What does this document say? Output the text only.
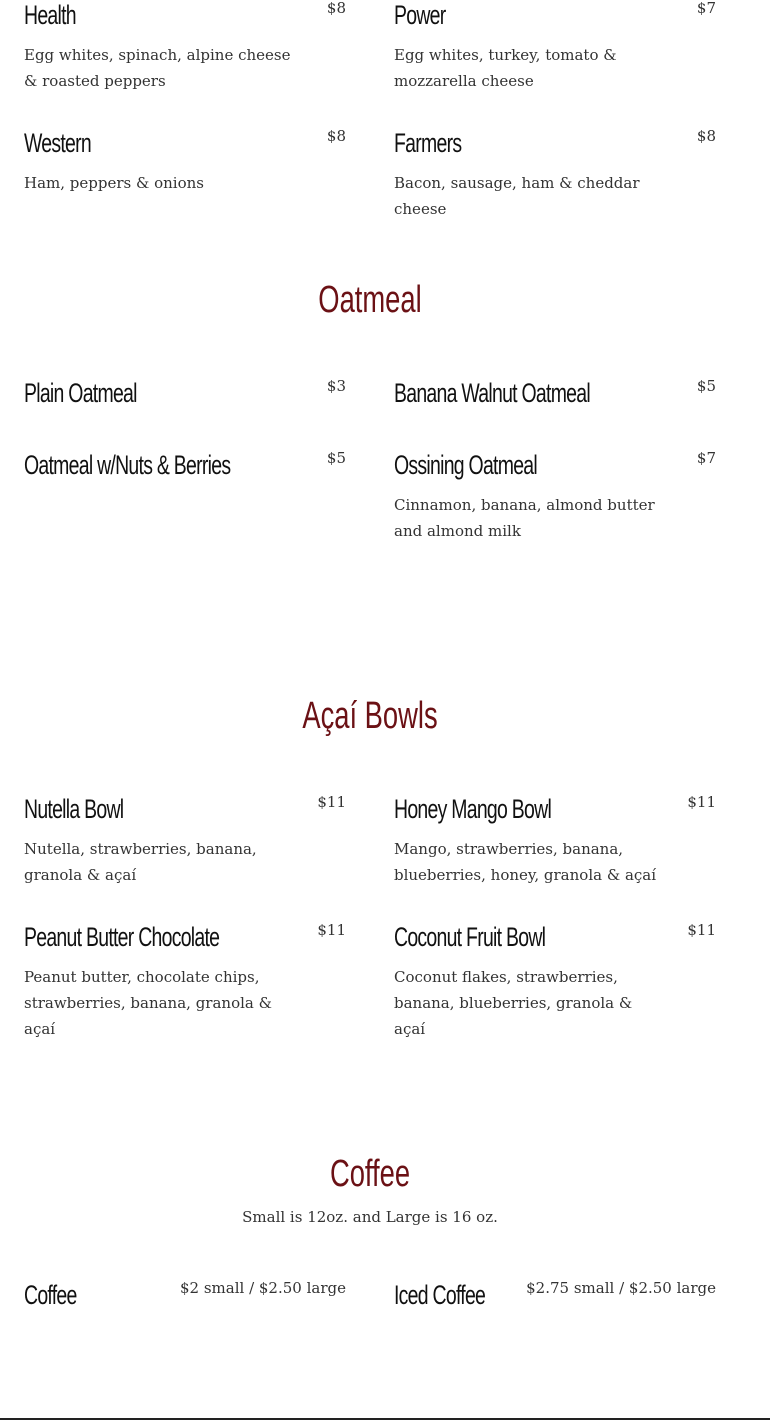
Health	$8
Egg whites, spinach, alpine cheese & roasted peppers
Power	$7
Egg whites, turkey, tomato & mozzarella cheese
Western	$8
Ham, peppers & onions
Farmers	$8
Bacon, sausage, ham & cheddar cheese
Oatmeal
Plain Oatmeal	$3 Banana Walnut Oatmeal	$5
Oatmeal w/Nuts & Berries	$5 Ossining Oatmeal	$7
Cinnamon, banana, almond butter and almond milk
Açaí Bowls
Nutella Bowl	$11
Nutella, strawberries, banana, granola & açaí
Honey Mango Bowl	$11
Mango, strawberries, banana, blueberries, honey, granola & açaí
Peanut Butter Chocolate	$11
Peanut butter, chocolate chips, strawberries, banana, granola & açaí
Coconut Fruit Bowl	$11
Coconut flakes, strawberries, banana, blueberries, granola & açaí
Coffee
Small is 12oz. and Large is 16 oz.
Coffee	$2 small / $2.50 large Iced Coffee	$2.75 small / $2.50 large
